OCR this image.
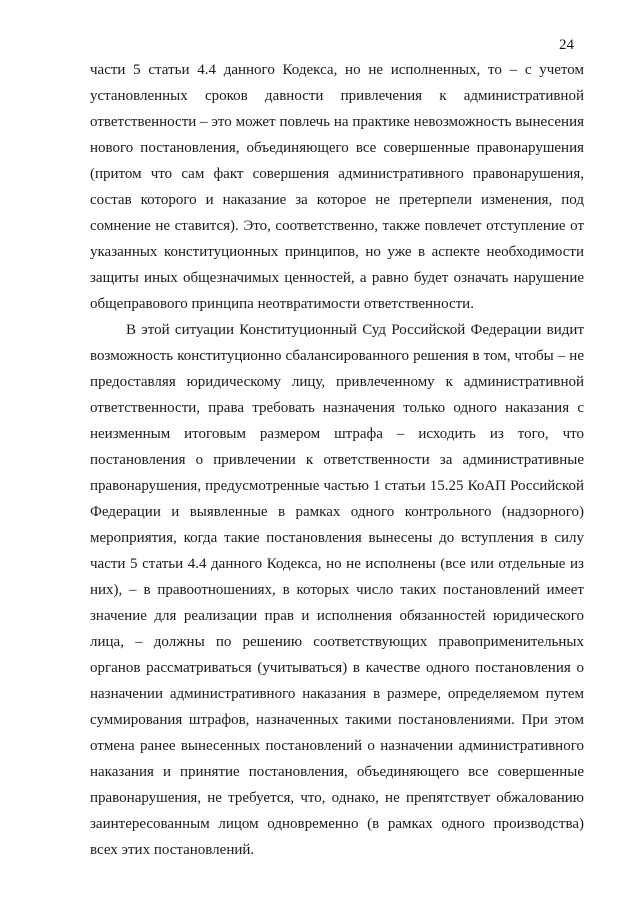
24

части 5 статьи 4.4 данного Кодекса, но не исполненных, то – с учетом установленных сроков давности привлечения к административной ответственности – это может повлечь на практике невозможность вынесения нового постановления, объединяющего все совершенные правонарушения (притом что сам факт совершения административного правонарушения, состав которого и наказание за которое не претерпели изменения, под сомнение не ставится). Это, соответственно, также повлечет отступление от указанных конституционных принципов, но уже в аспекте необходимости защиты иных общезначимых ценностей, а равно будет означать нарушение общеправового принципа неотвратимости ответственности.

В этой ситуации Конституционный Суд Российской Федерации видит возможность конституционно сбалансированного решения в том, чтобы – не предоставляя юридическому лицу, привлеченному к административной ответственности, права требовать назначения только одного наказания с неизменным итоговым размером штрафа – исходить из того, что постановления о привлечении к ответственности за административные правонарушения, предусмотренные частью 1 статьи 15.25 КоАП Российской Федерации и выявленные в рамках одного контрольного (надзорного) мероприятия, когда такие постановления вынесены до вступления в силу части 5 статьи 4.4 данного Кодекса, но не исполнены (все или отдельные из них), – в правоотношениях, в которых число таких постановлений имеет значение для реализации прав и исполнения обязанностей юридического лица, – должны по решению соответствующих правоприменительных органов рассматриваться (учитываться) в качестве одного постановления о назначении административного наказания в размере, определяемом путем суммирования штрафов, назначенных такими постановлениями. При этом отмена ранее вынесенных постановлений о назначении административного наказания и принятие постановления, объединяющего все совершенные правонарушения, не требуется, что, однако, не препятствует обжалованию заинтересованным лицом одновременно (в рамках одного производства) всех этих постановлений.
